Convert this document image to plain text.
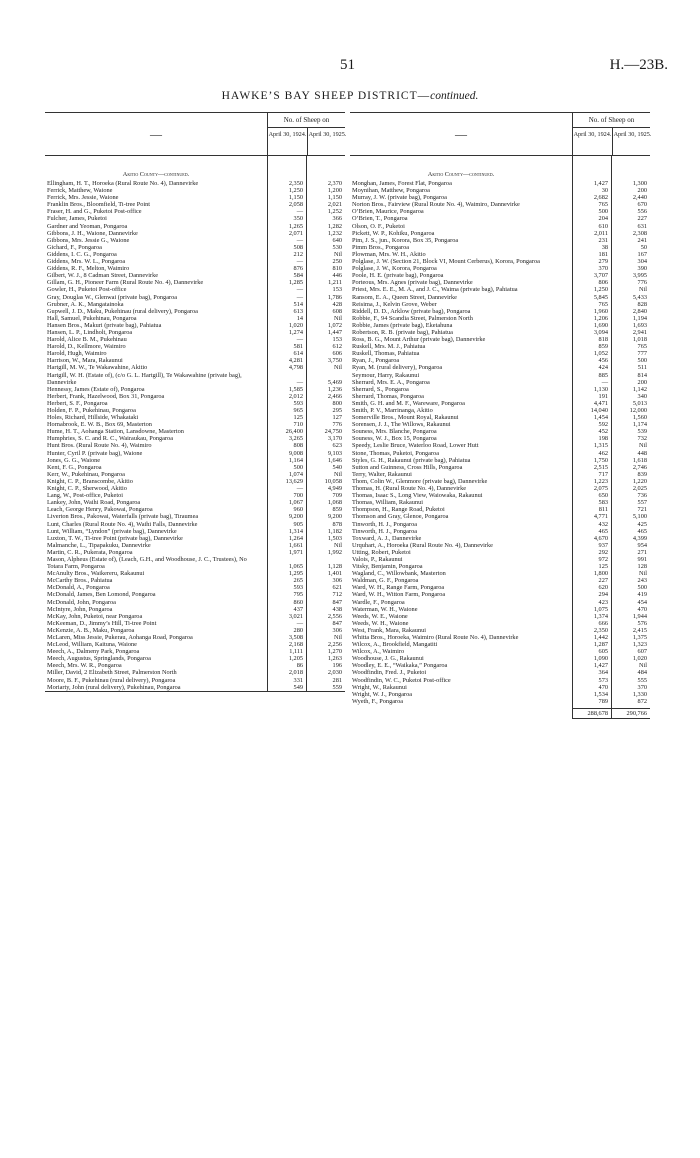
51	H.—23B.
HAWKE’S BAY SHEEP DISTRICT—continued.
—
No. of Sheep on
April 30, 1924. April 30, 1925.
Akitio County—continued.
Ellingham, H. T., Horoeka (Rural Route No. 4), Dannevirke	2,350	2,370
Ferrick, Matthew, Waione	1,250	1,200
Ferrick, Mrs. Jessie, Waione	1,150	1,150
Franklin Bros., Bloomfield, Ti-tree Point	2,058	2,021
Fraser, H. and G., Puketoi Post-office	—	1,252
Fulcher, James, Puketoi	350	366
Gardner and Yeoman, Pongaroa	1,265	1,282
Gibbons, J. H., Waione, Dannevirke	2,071	1,232
Gibbons, Mrs. Jessie G., Waione	—	640
Gichard, F., Pongaroa	508	530
Giddens, I. C. G., Pongaroa	212	Nil
Giddens, Mrs. W. L., Pongaroa	—	250
Giddens, R. F., Melton, Waimiro	876	810
Gilbert, W. J., 8 Cadman Street, Dannevirke	584	446
Gillam, G. H., Pioneer Farm (Rural Route No. 4), Dannevirke	1,285	1,211
Gowler, H., Puketoi Post-office	—	153
Gray, Douglas W., Glenwai (private bag), Pongaroa	—	1,786
Grubner, A. K., Mangatainoka	514	428
Gupwell, J. D., Maku, Pukehinau (rural delivery), Pongaroa	613	608
Hall, Samuel, Pukehinau, Pongaroa	14	Nil
Hansen Bros., Makuri (private bag), Pahiatua	1,020	1,072
Hansen, L. P., Lindholt, Pongaroa	1,274	1,447
Harold, Alice B. M., Pukehinau	—	153
Harold, D., Kellmore, Waimiro	581	612
Harold, Hugh, Waimiro	614	606
Harrison, W., Mara, Rakaunui	4,281	3,750
Hartgill, M. W., Te Wakawahine, Akitio	4,798	Nil
Hartgill, W. H. (Estate of), (c/o G. L. Hartgill), Te Wakawahine (private bag), Dannevirke	—	5,469
Hennessy, James (Estate of), Pongaroa	1,585	1,236
Herbert, Frank, Hazelwood, Box 31, Pongaroa	2,012	2,466
Herbert, S. F., Pongaroa	593	800
Holden, F. P., Pukehinau, Pongaroa	965	295
Holes, Richard, Hillside, Whakataki	125	127
Hornabrook, E. W. B., Box 69, Masterton	710	776
Hume, H. T., Aohanga Station, Lansdowne, Masterton	26,400	24,750
Humphries, S. C. and R. C., Wairaukau, Pongaroa	3,265	3,170
Hunt Bros. (Rural Route No. 4), Waimiro	808	623
Hunter, Cyril P. (private bag), Waione	9,008	9,103
Jones, G. G., Waione	1,164	1,646
Kent, F. G., Pongaroa	500	540
Kerr, W., Pukehinau, Pongaroa	1,074	Nil
Knight, C. P., Branscombe, Akitio	13,629	10,058
Knight, C. P., Sherwood, Akitio	—	4,949
Lang, W., Post-office, Puketoi	700	709
Lankey, John, Waihi Road, Pongaroa	1,067	1,068
Leach, George Henry, Pakowai, Pongaroa	960	859
Liverton Bros., Pakowai, Waterfalls (private bag), Tiraumea	9,200	9,200
Lunt, Charles (Rural Route No. 4), Waihi Falls, Dannevirke	905	878
Lunt, William, “Lyndon” (private bag), Dannevirke	1,314	1,182
Luxton, T. W., Ti-tree Point (private bag), Dannevirke	1,264	1,503
Malmanche, L., Tipapakuku, Dannevirke	1,661	Nil
Martin, C. R., Pukerata, Pongaroa	1,971	1,992
Mason, Alpheus (Estate of), (Leach, G.H., and Woodhouse, J. C., Trustees), No Totara Farm, Pongaroa	1,065	1,128
McAnulty Bros., Waikereru, Rakaunui	1,295	1,401
McCarthy Bros., Pahiatua	265	306
McDonald, A., Pongaroa	593	621
McDonald, James, Ben Lomond, Pongaroa	795	712
McDonald, John, Pongaroa	860	847
McIntyre, John, Pongaroa	437	438
McKay, John, Puketoi, near Pongaroa	3,021	2,556
McKeeman, D., Jimmy’s Hill, Ti-tree Point	—	847
McKenzie, A. B., Maku, Pongaroa	280	306
McLaren, Miss Jessie, Pukerau, Aohanga Road, Pongaroa	3,508	Nil
McLeod, William, Kaituna, Waione	2,168	2,256
Meech, A., Dalmeny Park, Pongaroa	1,111	1,270
Meech, Augustus, Springlands, Pongaroa	1,205	1,263
Meech, Mrs. W. R., Pongaroa	86	196
Miller, David, 2 Elizabeth Street, Palmerston North	2,018	2,030
Moore, B. F., Pukehinau (rural delivery), Pongaroa	331	281
Moriarty, John (rural delivery), Pukehinau, Pongaroa	549	559
—
No. of Sheep on
April 30, 1924. April 30, 1925.
Akitio County—continued.
Monghan, James, Forest Flat, Pongaroa	1,427	1,300
Moynihan, Matthew, Pongaroa	30	200
Murray, J. W. (private bag), Pongaroa	2,682	2,440
Norton Bros., Fairview (Rural Route No. 4), Waimiro, Dannevirke	765	670
O’Brien, Maurice, Pongaroa	500	556
O’Brien, T., Pongaroa	204	227
Olson, O. F., Puketoi	610	631
Pickett, W. P., Kohiku, Pongaroa	2,011	2,308
Pim, J. S., jun., Korora, Box 35, Pongaroa	231	241
Pimm Bros., Pongaroa	38	50
Plowman, Mrs. W. H., Akitio	181	167
Polglase, J. W. (Section 21, Block VI, Mount Cerberus), Korora, Pongaroa	279	304
Polglase, J. W., Korora, Pongaroa	370	390
Poole, H. E. (private bag), Pongaroa	3,707	3,995
Porteous, Mrs. Agnes (private bag), Dannevirke	806	776
Priest, Mrs. E. E., M. A., and J. C., Waima (private bag), Pahiatua	1,250	Nil
Ransom, E. A., Queen Street, Dannevirke	5,845	5,433
Reisima, J., Kelvin Grove, Weber	765	828
Riddell, D. D., Arklow (private bag), Pongaroa	1,960	2,840
Robbie, F., 94 Scandia Street, Palmerston North	1,206	1,194
Robbie, James (private bag), Eketahuna	1,690	1,693
Robertson, R. B. (private bag), Pahiatua	3,094	2,941
Ross, B. G., Mount Arthur (private bag), Dannevirke	818	1,018
Ruskell, Mrs. M. J., Pahiatua	859	765
Ruskell, Thomas, Pahiatua	1,052	777
Ryan, J., Pongaroa	456	500
Ryan, M. (rural delivery), Pongaroa	424	511
Seymour, Harry, Rakaunui	885	814
Sherrard, Mrs. E. A., Pongaroa	—	200
Sherrard, S., Pongaroa	1,130	1,142
Sherrard, Thomas, Pongaroa	191	340
Smith, G. H. and M. F., Wareware, Pongaroa	4,471	5,013
Smith, P. V., Marrinanga, Akitio	14,040	12,000
Somerville Bros., Mount Royal, Rakaunui	1,454	1,560
Sorensen, J. J., The Willows, Rakaunui	592	1,174
Souness, Mrs. Blanche, Pongaroa	452	539
Souness, W. J., Box 15, Pongaroa	198	732
Speedy, Leslie Bruce, Waterloo Road, Lower Hutt	1,315	Nil
Stone, Thomas, Puketoi, Pongaroa	462	448
Styles, G. H., Rakaunui (private bag), Pahiatua	1,750	1,618
Sutton and Guinness, Cross Hills, Pongaroa	2,515	2,746
Terry, Walter, Rakaunui	717	839
Thom, Colin W., Glenmore (private bag), Dannevirke	1,223	1,220
Thomas, H. (Rural Route No. 4), Dannevirke	2,075	2,025
Thomas, Isaac S., Long View, Waiowaka, Rakaunui	650	736
Thomas, William, Rakaunui	583	557
Thompson, H., Range Road, Puketoi	811	721
Thomson and Gray, Glenoe, Pongaroa	4,771	5,100
Tinworth, H. J., Pongaroa	432	425
Tinworth, H. J., Pongaroa	465	465
Toxward, A. J., Dannevirke	4,670	4,399
Urquhart, A., Horoeka (Rural Route No. 4), Dannevirke	937	954
Utting, Robert, Puketoi	292	271
Valois, P., Rakaunui	972	991
Vitsky, Benjamin, Pongaroa	125	128
Wagland, C., Willowbank, Masterton	1,800	Nil
Waldman, G. F., Pongaroa	227	243
Ward, W. H., Range Farm, Pongaroa	620	500
Ward, W. H., Witton Farm, Pongaroa	294	419
Wardle, F., Pongaroa	423	454
Waterman, W. H., Waione	1,075	470
Weeds, W. E., Waione	1,374	1,944
Weeds, W. H., Waione	666	576
West, Frank, Mara, Rakaunui	2,350	2,415
Whitta Bros., Horoeka, Waimiro (Rural Route No. 4), Dannevirke	1,442	1,375
Wilcox, A., Brookfield, Mangatiti	1,287	1,323
Wilcox, A., Waimiro	605	607
Woodhouse, J. G., Rakaunui	1,090	1,020
Woodley, E. E., “Waikaka,” Pongaroa	1,427	Nil
Woodfindin, Fred. J., Puketoi	364	484
Woodfindin, W. C., Puketoi Post-office	573	555
Wright, W., Rakaunui	470	370
Wright, W. J., Pongaroa	1,534	1,330
Wyeth, F., Pongaroa	789	872
288,678	290,766
